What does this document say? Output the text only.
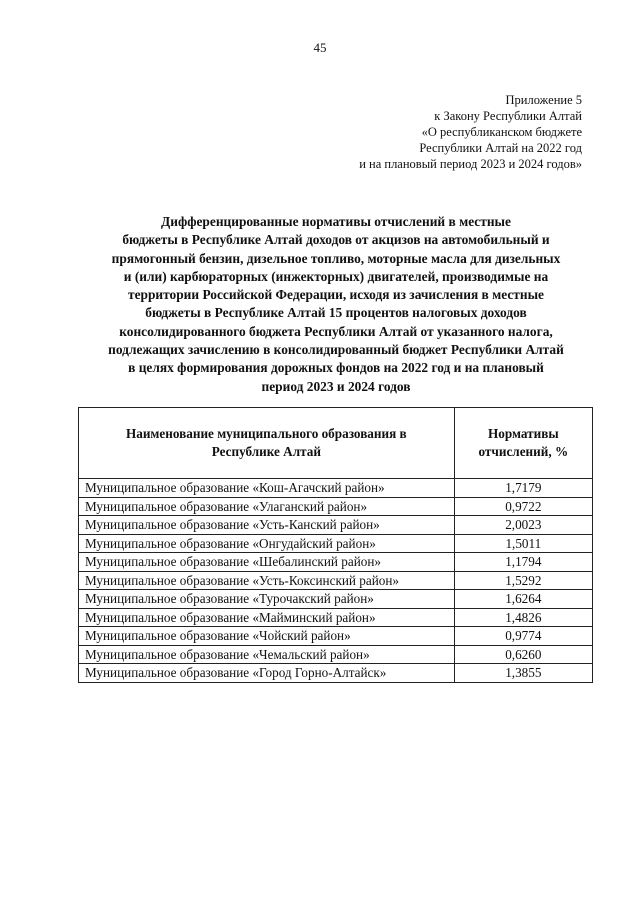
45
Приложение 5
к Закону Республики Алтай
«О республиканском бюджете
Республики Алтай на 2022 год
и на плановый период 2023 и 2024 годов»
Дифференцированные нормативы отчислений в местные
бюджеты в Республике Алтай доходов от акцизов на автомобильный и
прямогонный бензин, дизельное топливо, моторные масла для дизельных
и (или) карбюраторных (инжекторных) двигателей, производимые на
территории Российской Федерации, исходя из зачисления в местные
бюджеты в Республике Алтай 15 процентов налоговых доходов
консолидированного бюджета Республики Алтай от указанного налога,
подлежащих зачислению в консолидированный бюджет Республики Алтай
в целях формирования дорожных фондов на 2022 год и на плановый
период 2023 и 2024 годов
Наименование муниципального образования в
Республике Алтай	Нормативы
отчислений, %
Муниципальное образование «Кош-Агачский район»	1,7179
Муниципальное образование «Улаганский район»	0,9722
Муниципальное образование «Усть-Канский район»	2,0023
Муниципальное образование «Онгудайский район»	1,5011
Муниципальное образование «Шебалинский район»	1,1794
Муниципальное образование «Усть-Коксинский район»	1,5292
Муниципальное образование «Турочакский район»	1,6264
Муниципальное образование «Майминский район»	1,4826
Муниципальное образование «Чойский район»	0,9774
Муниципальное образование «Чемальский район»	0,6260
Муниципальное образование «Город Горно-Алтайск»	1,3855
